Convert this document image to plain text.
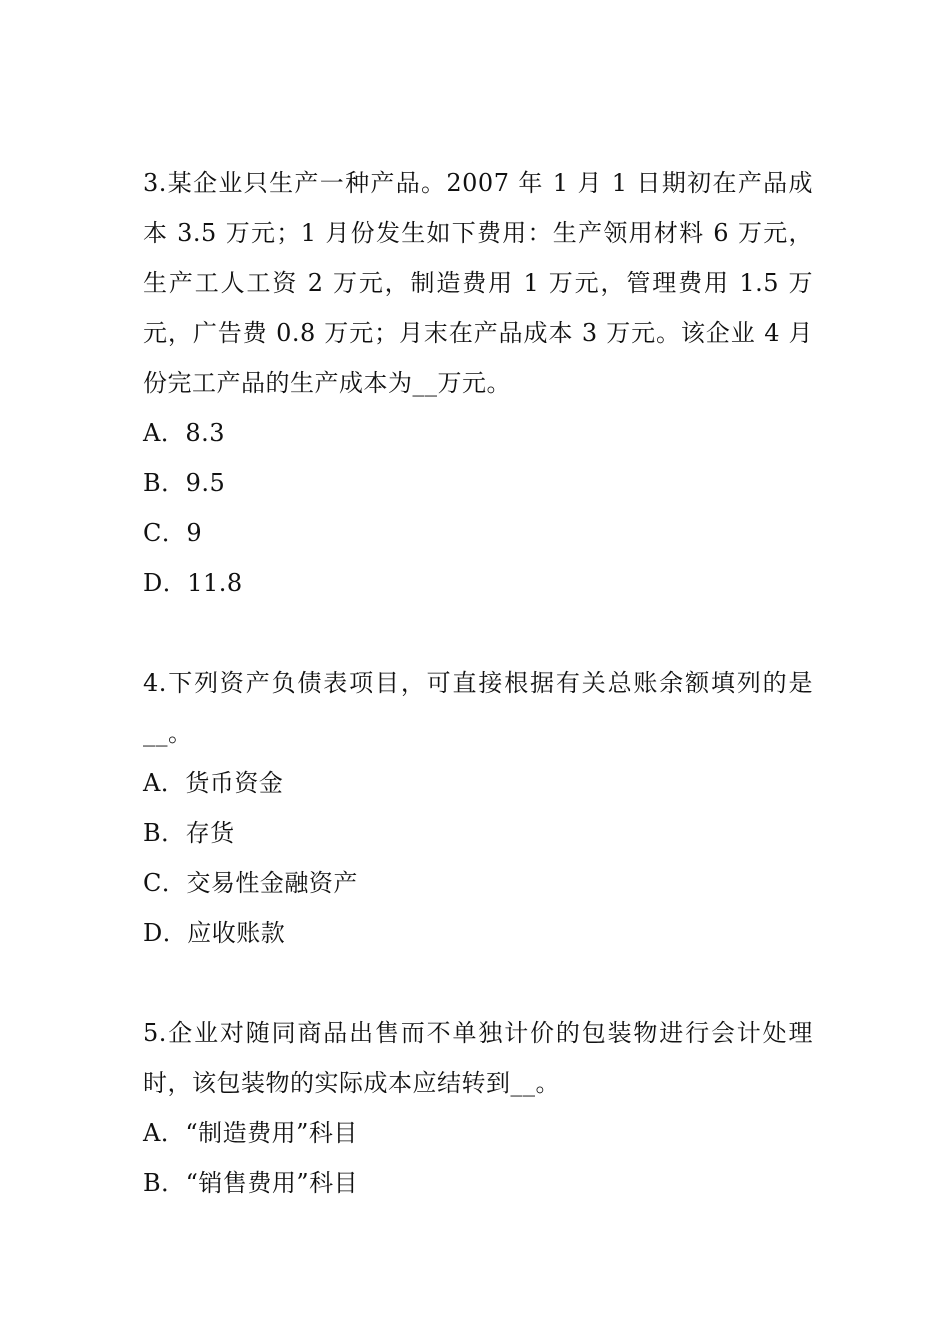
3.某企业只生产一种产品。2007 年 1 月 1 日期初在产品成本 3.5 万元；1 月份发生如下费用：生产领用材料 6 万元，生产工人工资 2 万元，制造费用 1 万元，管理费用 1.5 万元，广告费 0.8 万元；月末在产品成本 3 万元。该企业 4 月份完工产品的生产成本为__万元。

A．8.3

B．9.5

C．9

D．11.8

4.下列资产负债表项目，可直接根据有关总账余额填列的是__。

A．货币资金

B．存货

C．交易性金融资产

D．应收账款

5.企业对随同商品出售而不单独计价的包装物进行会计处理时，该包装物的实际成本应结转到__。

A．“制造费用”科目

B．“销售费用”科目
